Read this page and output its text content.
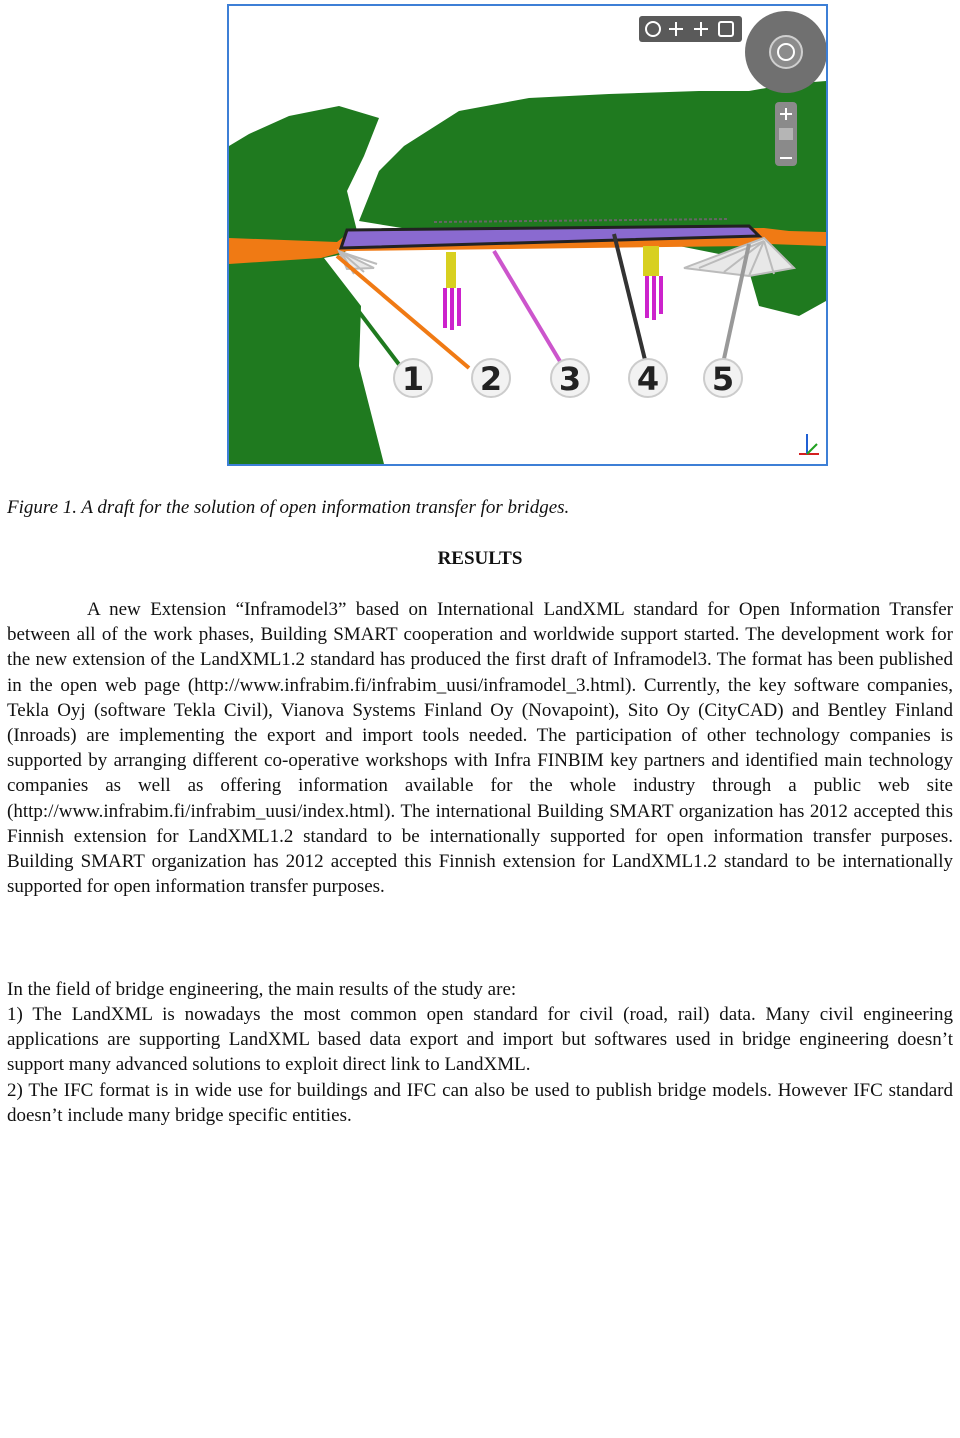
1 2 3 4 5
Figure 1. A draft for the solution of open information transfer for bridges.
RESULTS

A new Extension “Inframodel3” based on International LandXML standard for Open Information Transfer between all of the work phases, Building SMART cooperation and worldwide support started. The development work for the new extension of the LandXML1.2 standard has produced the first draft of Inframodel3. The format has been published in the open web page (http://www.infrabim.fi/infrabim_uusi/inframodel_3.html). Currently, the key software companies, Tekla Oyj (software Tekla Civil), Vianova Systems Finland Oy (Novapoint), Sito Oy (CityCAD) and Bentley Finland (Inroads) are implementing the export and import tools needed. The participation of other technology companies is supported by arranging different co-operative workshops with Infra FINBIM key partners and identified main technology companies as well as offering information available for the whole industry through a public web site (http://www.infrabim.fi/infrabim_uusi/index.html). The international Building SMART organization has 2012 accepted this Finnish extension for LandXML1.2 standard to be internationally supported for open information transfer purposes. Building SMART organization has 2012 accepted this Finnish extension for LandXML1.2 standard to be internationally supported for open information transfer purposes.

In the field of bridge engineering, the main results of the study are:

1) The LandXML is nowadays the most common open standard for civil (road, rail) data. Many civil engineering applications are supporting LandXML based data export and import but softwares used in bridge engineering doesn’t support many advanced solutions to exploit direct link to LandXML.

2) The IFC format is in wide use for buildings and IFC can also be used to publish bridge models. However IFC standard doesn’t include many bridge specific entities.
